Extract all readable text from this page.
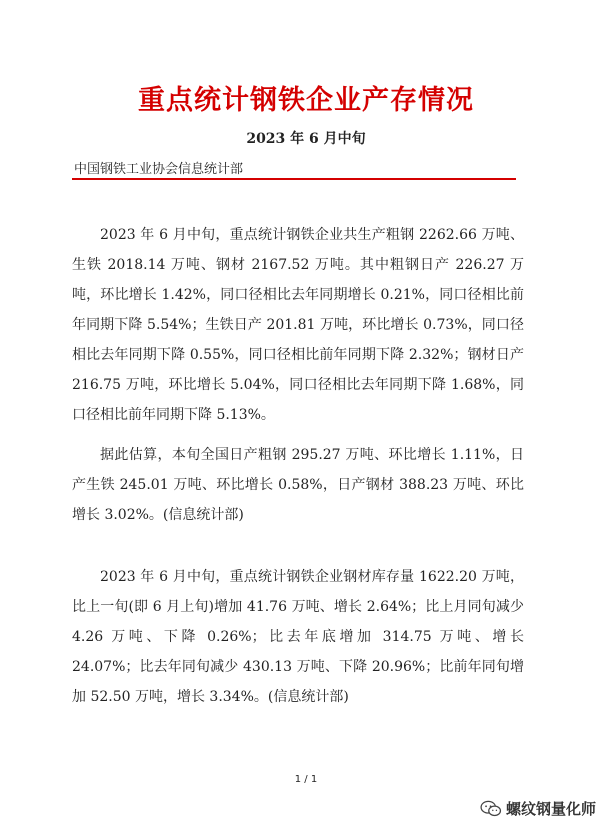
重点统计钢铁企业产存情况
2023 年 6 月中旬
中国钢铁工业协会信息统计部

2023 年 6 月中旬，重点统计钢铁企业共生产粗钢 2262.66 万吨、生铁 2018.14 万吨、钢材 2167.52 万吨。其中粗钢日产 226.27 万吨，环比增长 1.42%，同口径相比去年同期增长 0.21%，同口径相比前年同期下降 5.54%；生铁日产 201.81 万吨，环比增长 0.73%，同口径相比去年同期下降 0.55%，同口径相比前年同期下降 2.32%；钢材日产 216.75 万吨，环比增长 5.04%，同口径相比去年同期下降 1.68%，同口径相比前年同期下降 5.13%。

据此估算，本旬全国日产粗钢 295.27 万吨、环比增长 1.11%，日产生铁 245.01 万吨、环比增长 0.58%，日产钢材 388.23 万吨、环比增长 3.02%。(信息统计部)

2023 年 6 月中旬，重点统计钢铁企业钢材库存量 1622.20 万吨，比上一旬(即 6 月上旬)增加 41.76 万吨、增长 2.64%；比上月同旬减少 4.26 万吨、下降 0.26%；比去年底增加 314.75 万吨、增长 24.07%；比去年同旬减少 430.13 万吨、下降 20.96%；比前年同旬增加 52.50 万吨，增长 3.34%。(信息统计部)

1 / 1
螺纹钢量化师
